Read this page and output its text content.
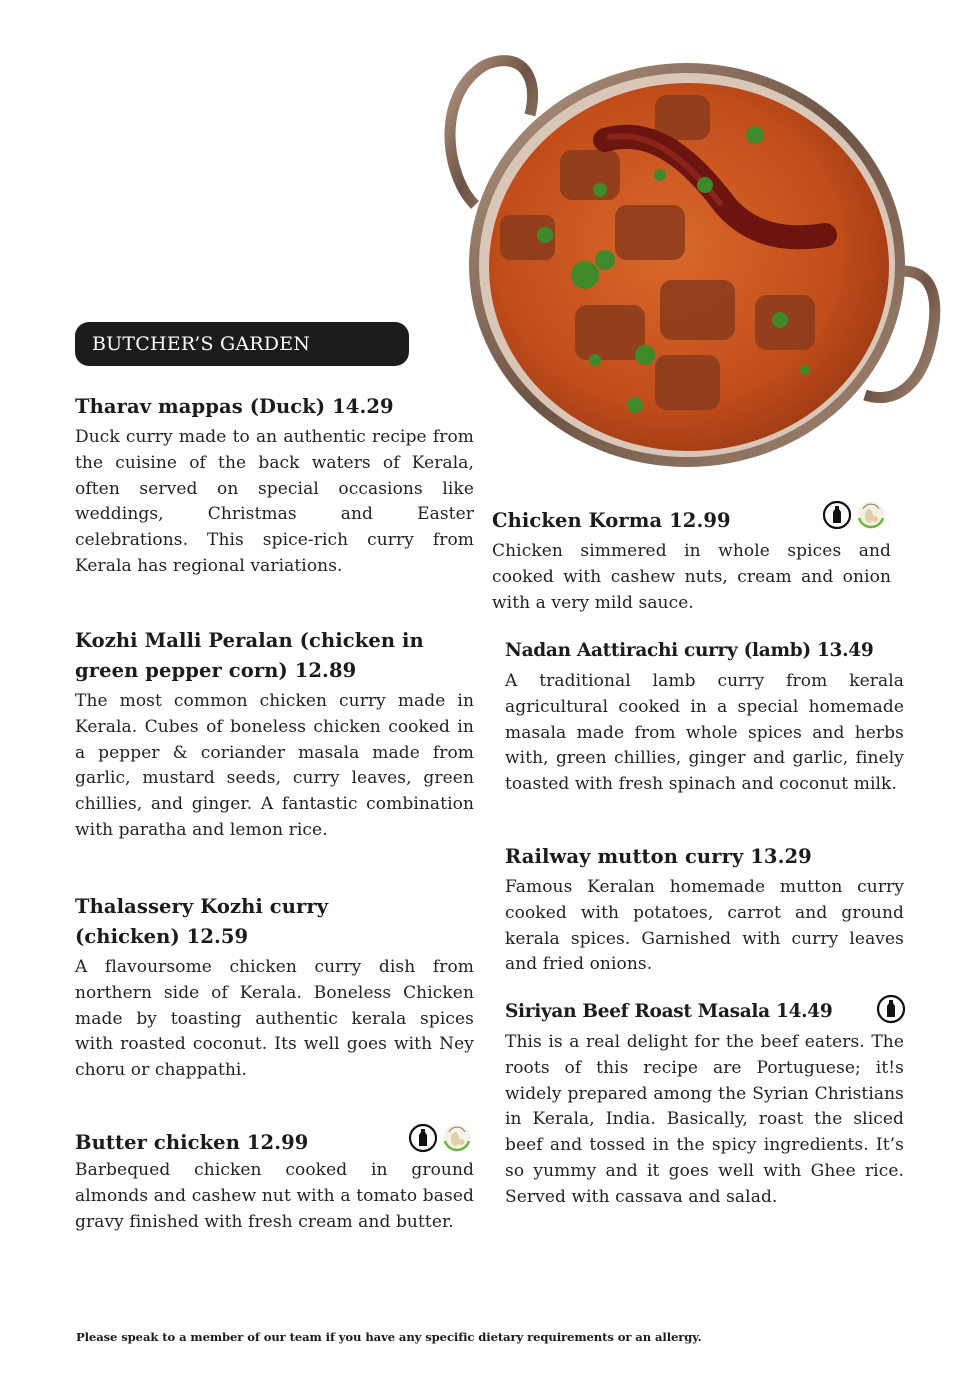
BUTCHER’S GARDEN
Tharav mappas (Duck) 14.29

Duck curry made to an authentic recipe from the cuisine of the back waters of Kerala, often served on special occasions like weddings, Christmas and Easter celebrations. This spice-rich curry from Kerala has regional variations.

Kozhi Malli Peralan (chicken in green pepper corn) 12.89

The most common chicken curry made in Kerala. Cubes of boneless chicken cooked in a pepper & coriander masala made from garlic, mustard seeds, curry leaves, green chillies, and ginger. A fantastic combination with paratha and lemon rice.

Thalassery Kozhi curry (chicken) 12.59

A flavoursome chicken curry dish from northern side of Kerala. Boneless Chicken made by toasting authentic kerala spices with roasted coconut. Its well goes with Ney choru or chappathi.

Butter chicken 12.99

Barbequed chicken cooked in ground almonds and cashew nut with a tomato based gravy finished with fresh cream and butter.

Chicken Korma 12.99

Chicken simmered in whole spices and cooked with cashew nuts, cream and onion with a very mild sauce.

Nadan Aattirachi curry (lamb) 13.49

A traditional lamb curry from kerala agricultural cooked in a special homemade masala made from whole spices and herbs with, green chillies, ginger and garlic, finely toasted with fresh spinach and coconut milk.

Railway mutton curry 13.29

Famous Keralan homemade mutton curry cooked with potatoes, carrot and ground kerala spices. Garnished with curry leaves and fried onions.

Siriyan Beef Roast Masala 14.49

This is a real delight for the beef eaters. The roots of this recipe are Portuguese; it!s widely prepared among the Syrian Christians in Kerala, India. Basically, roast the sliced beef and tossed in the spicy ingredients. It’s so yummy and it goes well with Ghee rice. Served with cassava and salad.

Please speak to a member of our team if you have any specific dietary requirements or an allergy.
